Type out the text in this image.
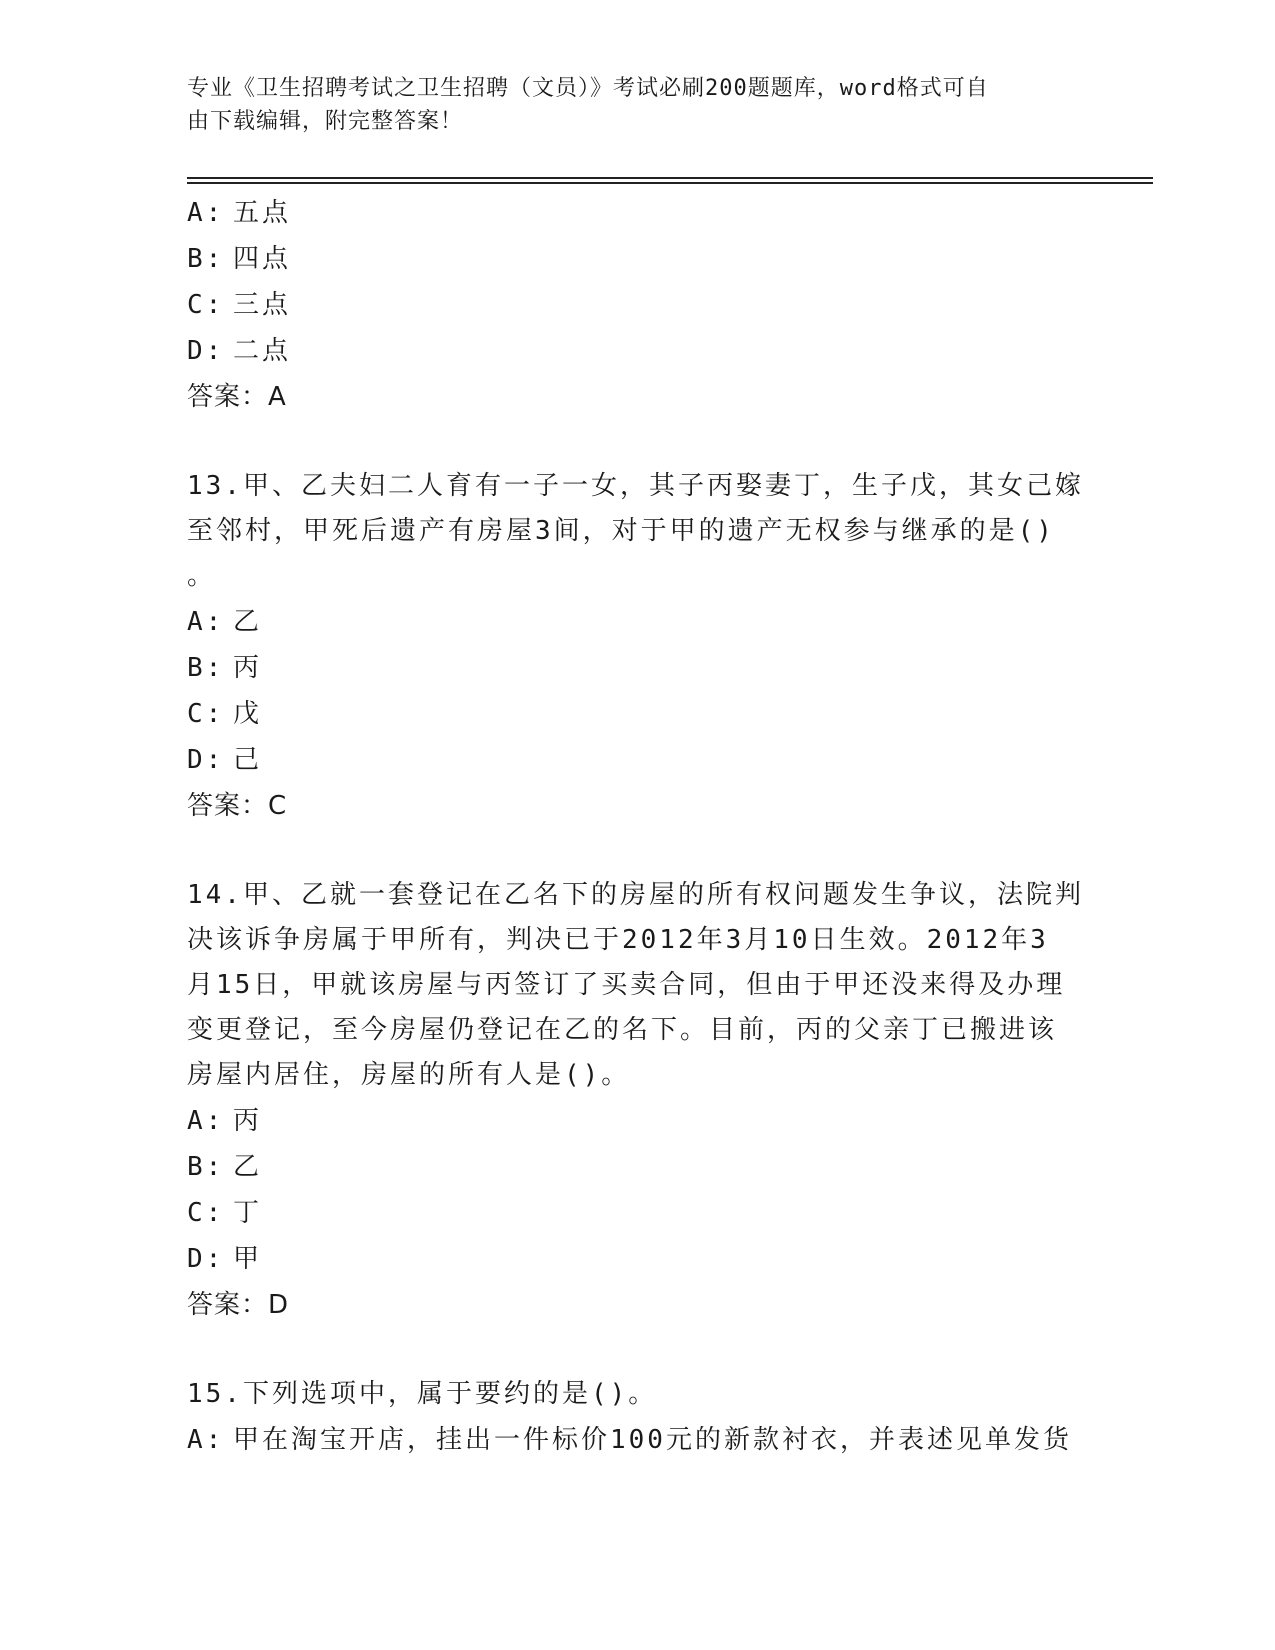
专业《卫生招聘考试之卫生招聘（文员）》考试必刷200题题库，word格式可自
由下载编辑，附完整答案！
A: 五点
B: 四点
C: 三点
D: 二点
答案：A
13.甲、乙夫妇二人育有一子一女，其子丙娶妻丁，生子戊，其女己嫁
至邻村，甲死后遗产有房屋3间，对于甲的遗产无权参与继承的是()
。
A: 乙
B: 丙
C: 戊
D: 己
答案：C
14.甲、乙就一套登记在乙名下的房屋的所有权问题发生争议，法院判
决该诉争房属于甲所有，判决已于2012年3月10日生效。2012年3
月15日，甲就该房屋与丙签订了买卖合同，但由于甲还没来得及办理
变更登记，至今房屋仍登记在乙的名下。目前，丙的父亲丁已搬进该
房屋内居住，房屋的所有人是()。
A: 丙
B: 乙
C: 丁
D: 甲
答案：D
15.下列选项中，属于要约的是()。
A: 甲在淘宝开店，挂出一件标价100元的新款衬衣，并表述见单发货
